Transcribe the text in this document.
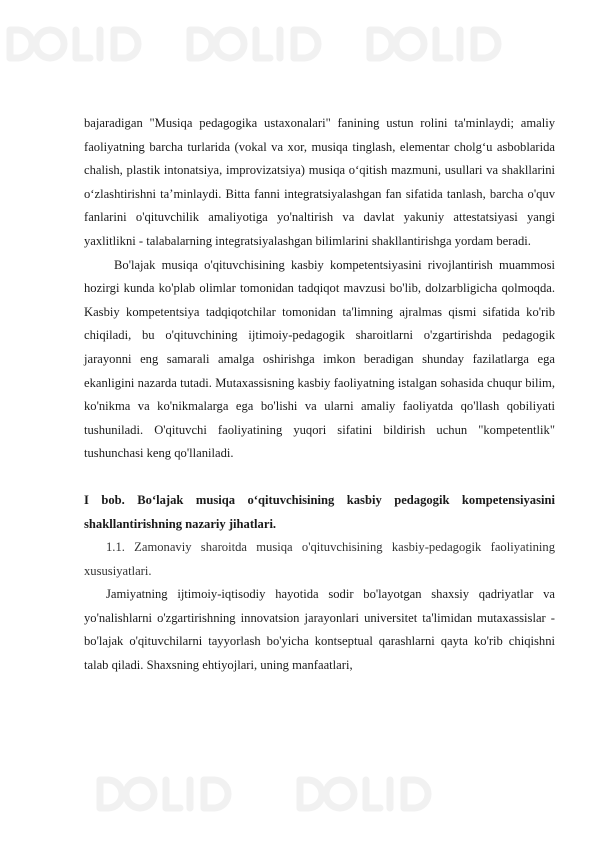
bajaradigan "Musiqa pedagogika ustaxonalari" fanining ustun rolini ta'minlaydi; amaliy faoliyatning barcha turlarida (vokal va xor, musiqa tinglash, elementar cholg‘u asboblarida chalish, plastik intonatsiya, improvizatsiya) musiqa o‘qitish mazmuni, usullari va shakllarini o‘zlashtirishni ta’minlaydi. Bitta fanni integratsiyalashgan fan sifatida tanlash, barcha o'quv fanlarini o'qituvchilik amaliyotiga yo'naltirish va davlat yakuniy attestatsiyasi yangi yaxlitlikni - talabalarning integratsiyalashgan bilimlarini shakllantirishga yordam beradi.

Bo'lajak musiqa o'qituvchisining kasbiy kompetentsiyasini rivojlantirish muammosi hozirgi kunda ko'plab olimlar tomonidan tadqiqot mavzusi bo'lib, dolzarbligicha qolmoqda. Kasbiy kompetentsiya tadqiqotchilar tomonidan ta'limning ajralmas qismi sifatida ko'rib chiqiladi, bu o'qituvchining ijtimoiy-pedagogik sharoitlarni o'zgartirishda pedagogik jarayonni eng samarali amalga oshirishga imkon beradigan shunday fazilatlarga ega ekanligini nazarda tutadi. Mutaxassisning kasbiy faoliyatning istalgan sohasida chuqur bilim, ko'nikma va ko'nikmalarga ega bo'lishi va ularni amaliy faoliyatda qo'llash qobiliyati tushuniladi. O'qituvchi faoliyatining yuqori sifatini bildirish uchun "kompetentlik" tushunchasi keng qo'llaniladi.

I bob. Bo‘lajak musiqa o‘qituvchisining kasbiy pedagogik kompetensiyasini shakllantirishning nazariy jihatlari.

1.1. Zamonaviy sharoitda musiqa o'qituvchisining kasbiy-pedagogik faoliyatining xususiyatlari.

Jamiyatning ijtimoiy-iqtisodiy hayotida sodir bo'layotgan shaxsiy qadriyatlar va yo'nalishlarni o'zgartirishning innovatsion jarayonlari universitet ta'limidan mutaxassislar - bo'lajak o'qituvchilarni tayyorlash bo'yicha kontseptual qarashlarni qayta ko'rib chiqishni talab qiladi. Shaxsning ehtiyojlari, uning manfaatlari,
